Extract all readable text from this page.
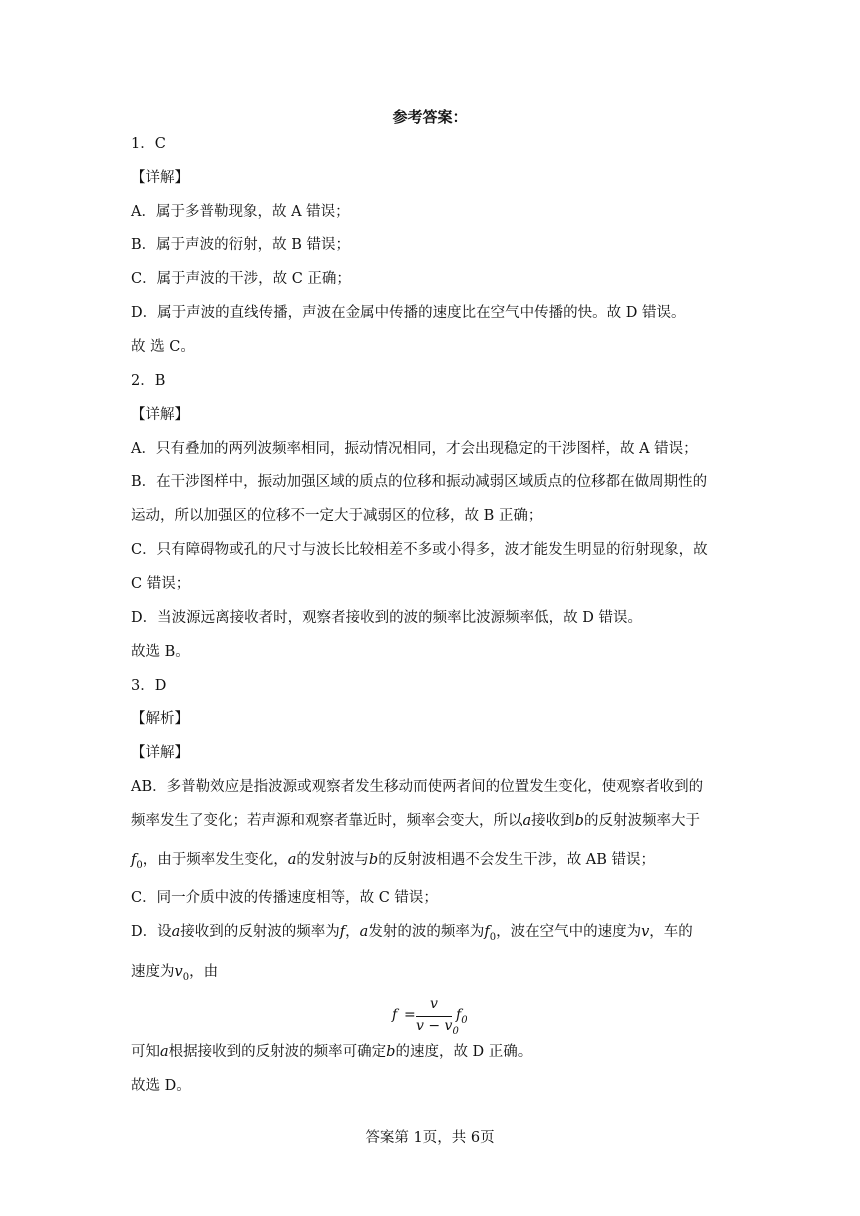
参考答案：
1．C
【详解】
A．属于多普勒现象，故 A 错误；
B．属于声波的衍射，故 B 错误；
C．属于声波的干涉，故 C 正确；
D．属于声波的直线传播，声波在金属中传播的速度比在空气中传播的快。故 D 错误。
故 选 C。
2．B
【详解】
A．只有叠加的两列波频率相同，振动情况相同，才会出现稳定的干涉图样，故 A 错误；
B．在干涉图样中，振动加强区域的质点的位移和振动减弱区域质点的位移都在做周期性的
运动，所以加强区的位移不一定大于减弱区的位移，故 B 正确；
C．只有障碍物或孔的尺寸与波长比较相差不多或小得多，波才能发生明显的衍射现象，故
C 错误；
D．当波源远离接收者时，观察者接收到的波的频率比波源频率低，故 D 错误。
故选 B。
3．D
【解析】
【详解】
AB．多普勒效应是指波源或观察者发生移动而使两者间的位置发生变化，使观察者收到的
频率发生了变化；若声源和观察者靠近时，频率会变大，所以a接收到b的反射波频率大于
$f_0$，由于频率发生变化，a的发射波与b的反射波相遇不会发生干涉，故 AB 错误；
C．同一介质中波的传播速度相等，故 C 错误；
D．设a接收到的反射波的频率为f，a发射的波的频率为$f_0$，波在空气中的速度为v，车的
速度为$v_0$，由
f =
v
$v - v_0$
$f_0$
可知a根据接收到的反射波的频率可确定b的速度，故 D 正确。
故选 D。
答案第 1页，共 6页
